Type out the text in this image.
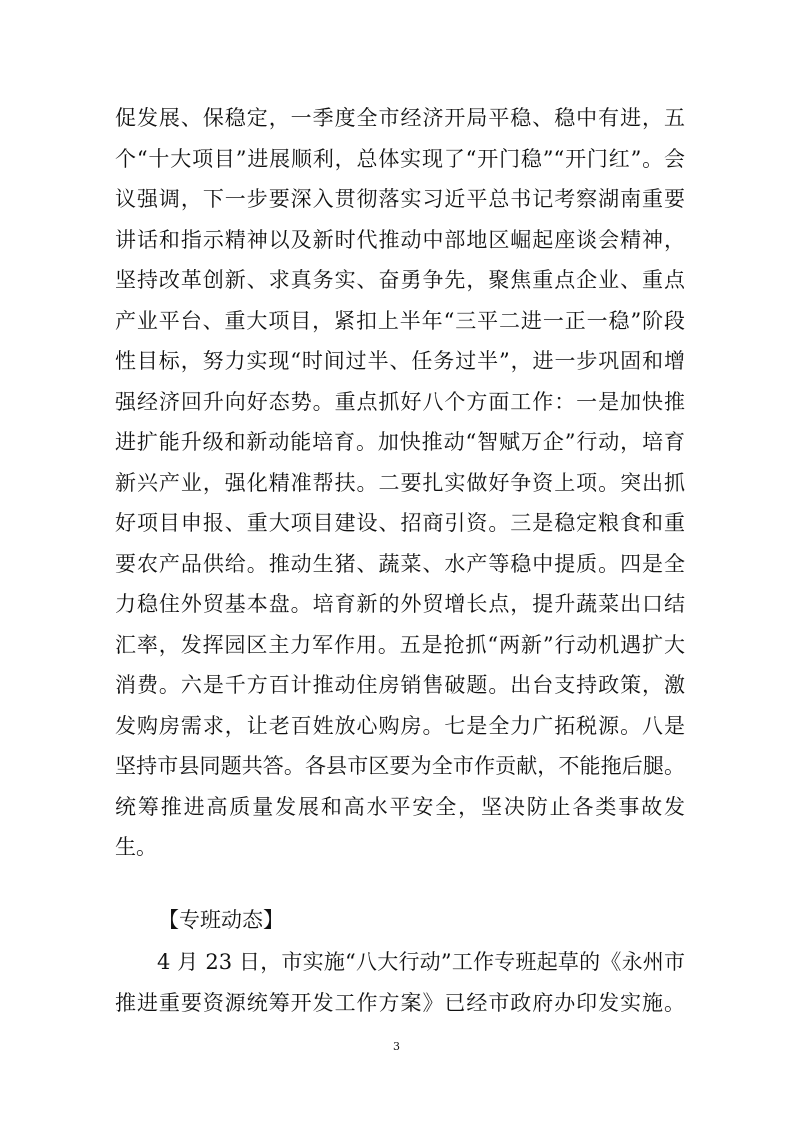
促发展、保稳定，一季度全市经济开局平稳、稳中有进，五
个“十大项目”进展顺利，总体实现了“开门稳”“开门红”。会
议强调，下一步要深入贯彻落实习近平总书记考察湖南重要
讲话和指示精神以及新时代推动中部地区崛起座谈会精神，
坚持改革创新、求真务实、奋勇争先，聚焦重点企业、重点
产业平台、重大项目，紧扣上半年“三平二进一正一稳”阶段
性目标，努力实现“时间过半、任务过半”，进一步巩固和增
强经济回升向好态势。重点抓好八个方面工作：一是加快推
进扩能升级和新动能培育。加快推动“智赋万企”行动，培育
新兴产业，强化精准帮扶。二要扎实做好争资上项。突出抓
好项目申报、重大项目建设、招商引资。三是稳定粮食和重
要农产品供给。推动生猪、蔬菜、水产等稳中提质。四是全
力稳住外贸基本盘。培育新的外贸增长点，提升蔬菜出口结
汇率，发挥园区主力军作用。五是抢抓“两新”行动机遇扩大
消费。六是千方百计推动住房销售破题。出台支持政策，激
发购房需求，让老百姓放心购房。七是全力广拓税源。八是
坚持市县同题共答。各县市区要为全市作贡献，不能拖后腿。
统筹推进高质量发展和高水平安全，坚决防止各类事故发
生。
【专班动态】
4 月 23 日，市实施“八大行动”工作专班起草的《永州市
推进重要资源统筹开发工作方案》已经市政府办印发实施。
3
